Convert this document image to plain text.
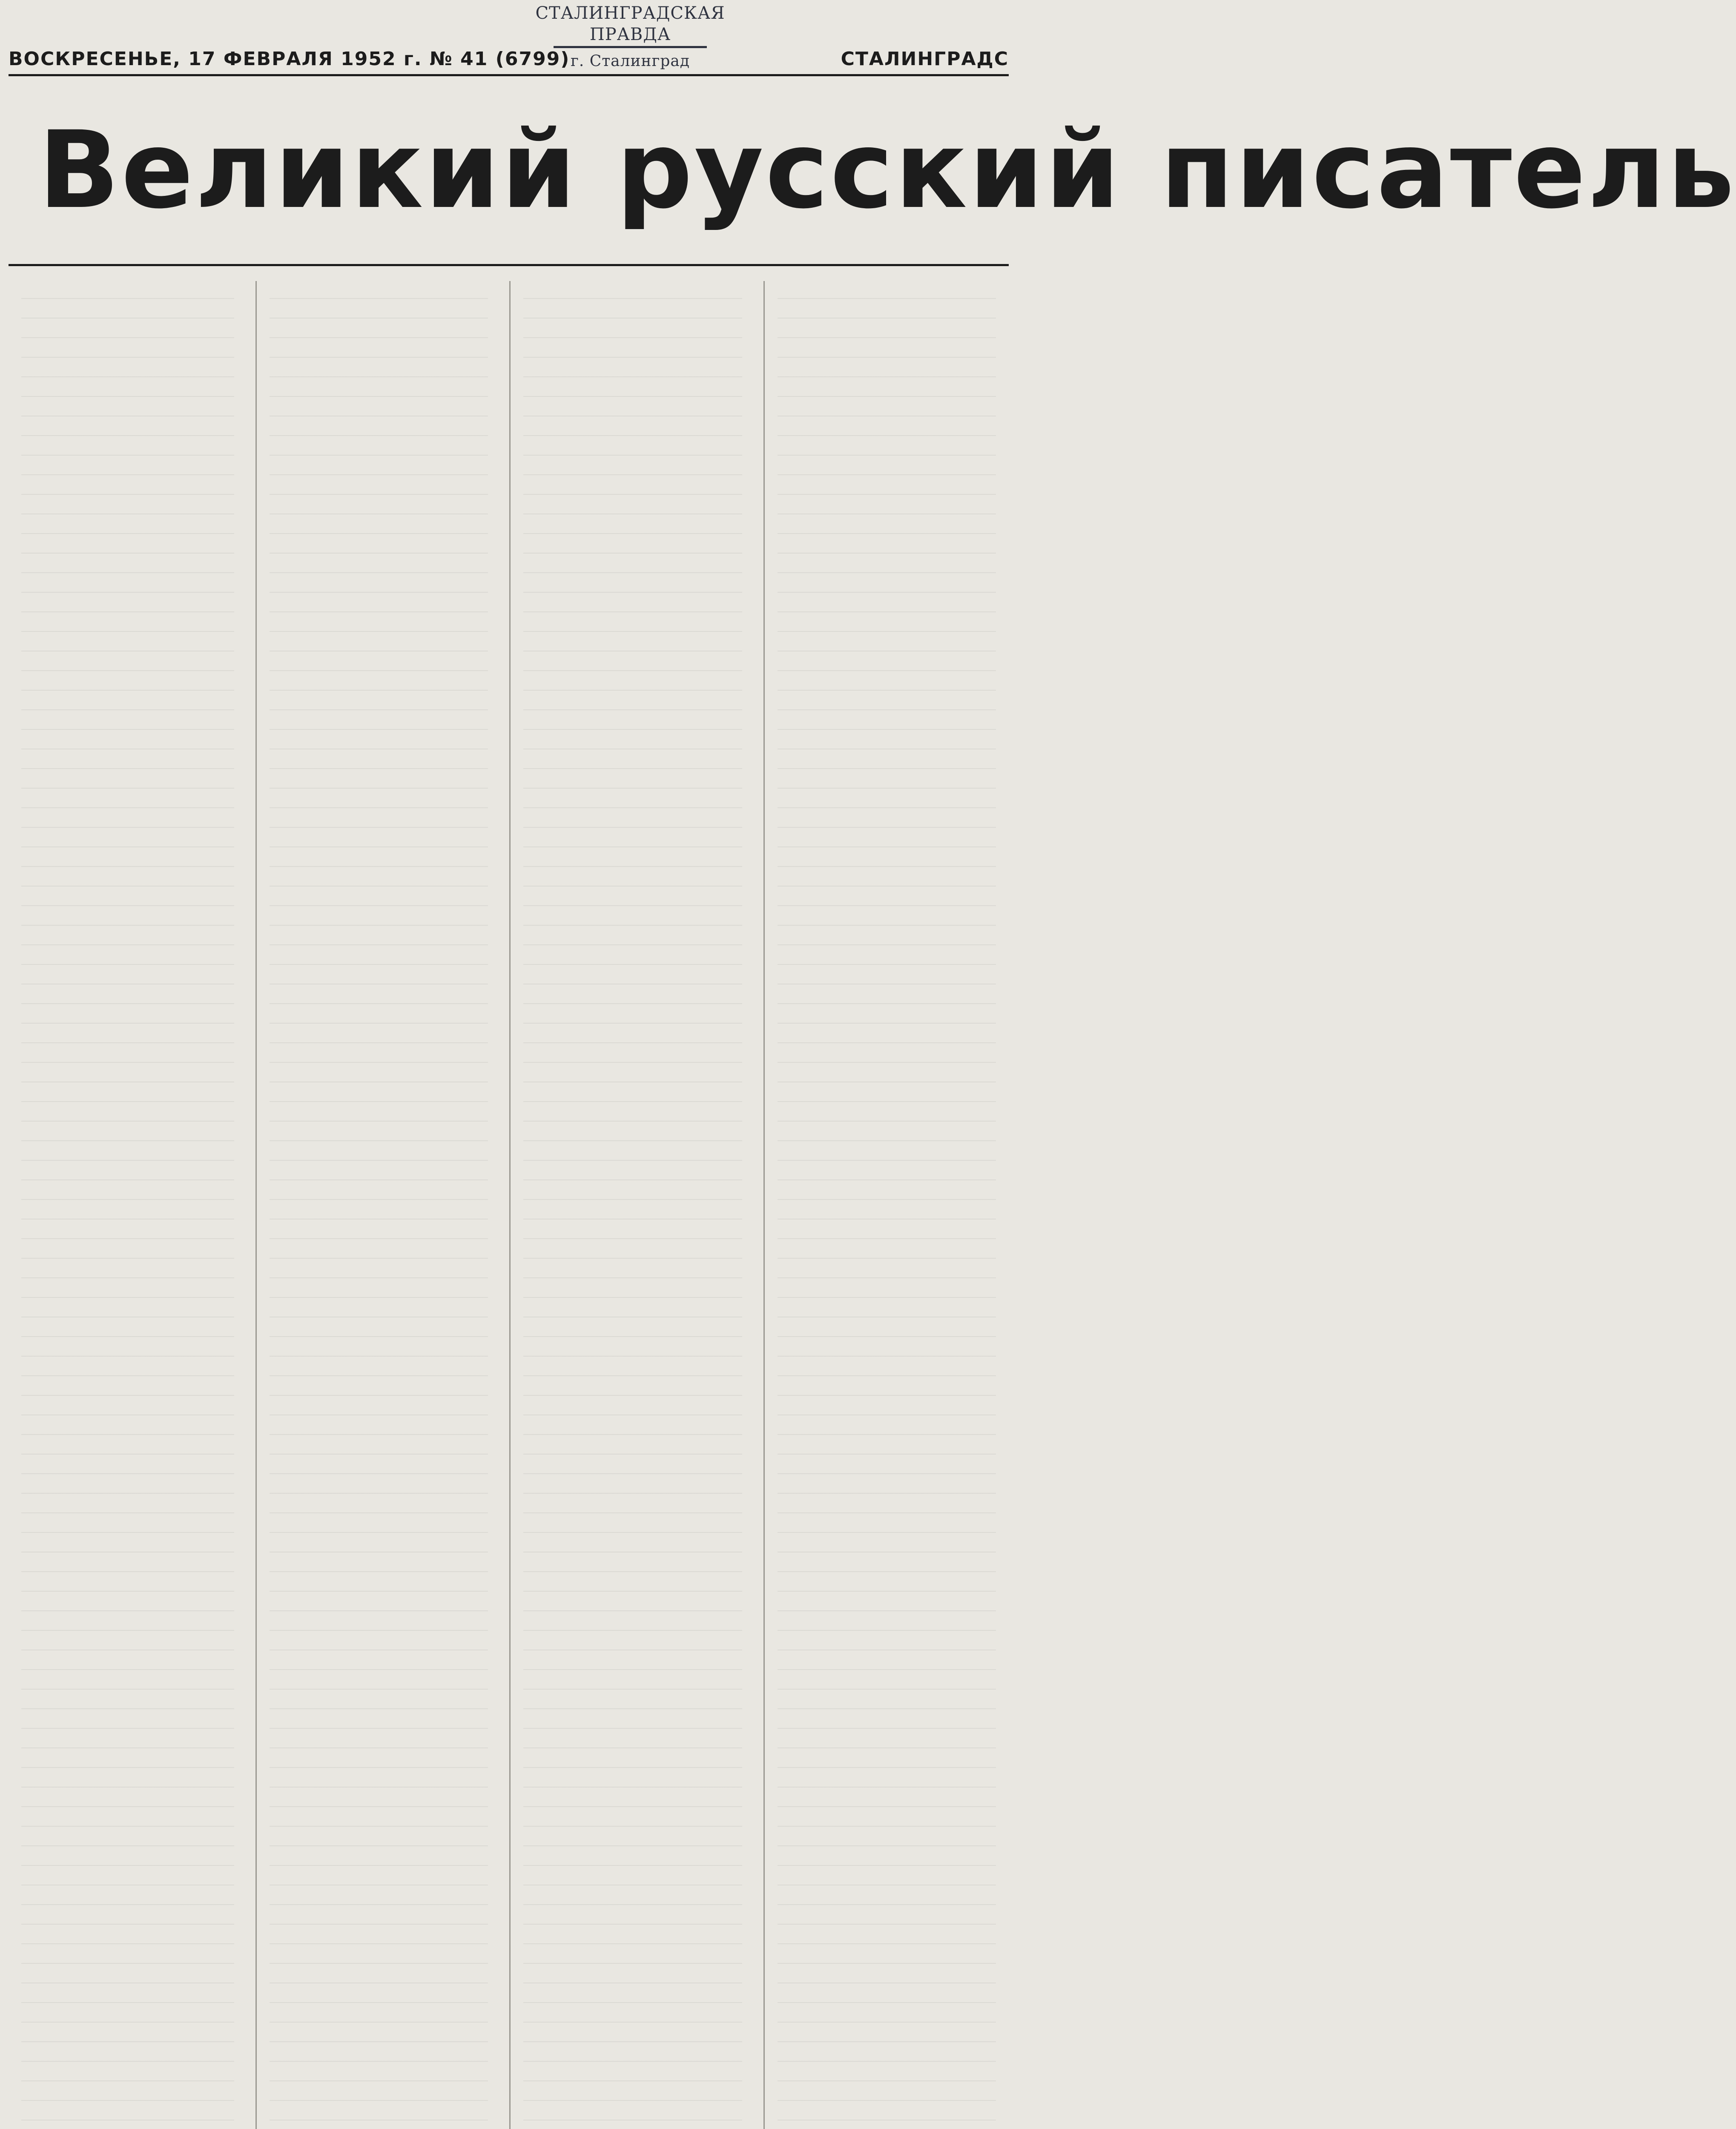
СТАЛИНГРАДСКАЯ ПРАВДА
г. Сталинград
ВОСКРЕСЕНЬЕ, 17 ФЕВРАЛЯ 1952 г. № 41 (6799)	СТАЛИНГРАДС
Великий русский писатель
